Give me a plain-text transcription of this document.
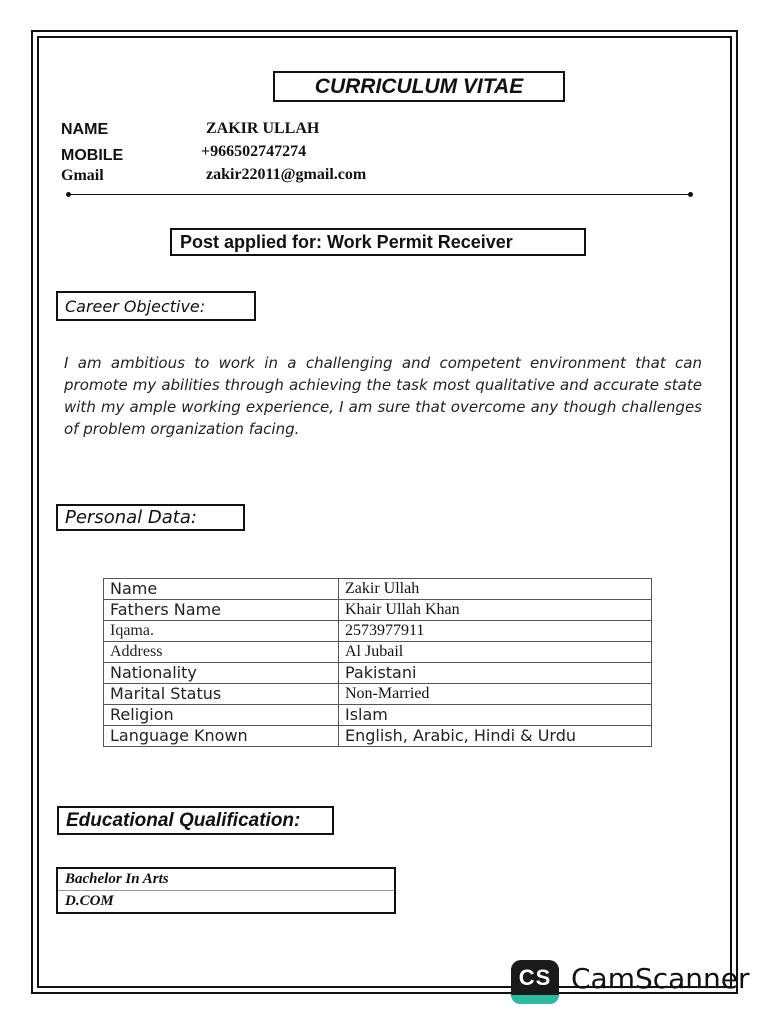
CURRICULUM VITAE
NAME	ZAKIR ULLAH
MOBILE	+966502747274
Gmail	zakir22011@gmail.com
Post applied for: Work Permit Receiver
Career Objective:
I am ambitious to work in a challenging and competent environment that can promote my abilities through achieving the task most qualitative and accurate state with my ample working experience, I am sure that overcome any though challenges of problem organization facing.
Personal Data:
Name	Zakir Ullah
Fathers Name	Khair Ullah Khan
Iqama.	2573977911
Address	Al Jubail
Nationality	Pakistani
Marital Status	Non-Married
Religion	Islam
Language Known	English, Arabic, Hindi & Urdu
Educational Qualification:
Bachelor In Arts
D.COM
CS CamScanner
